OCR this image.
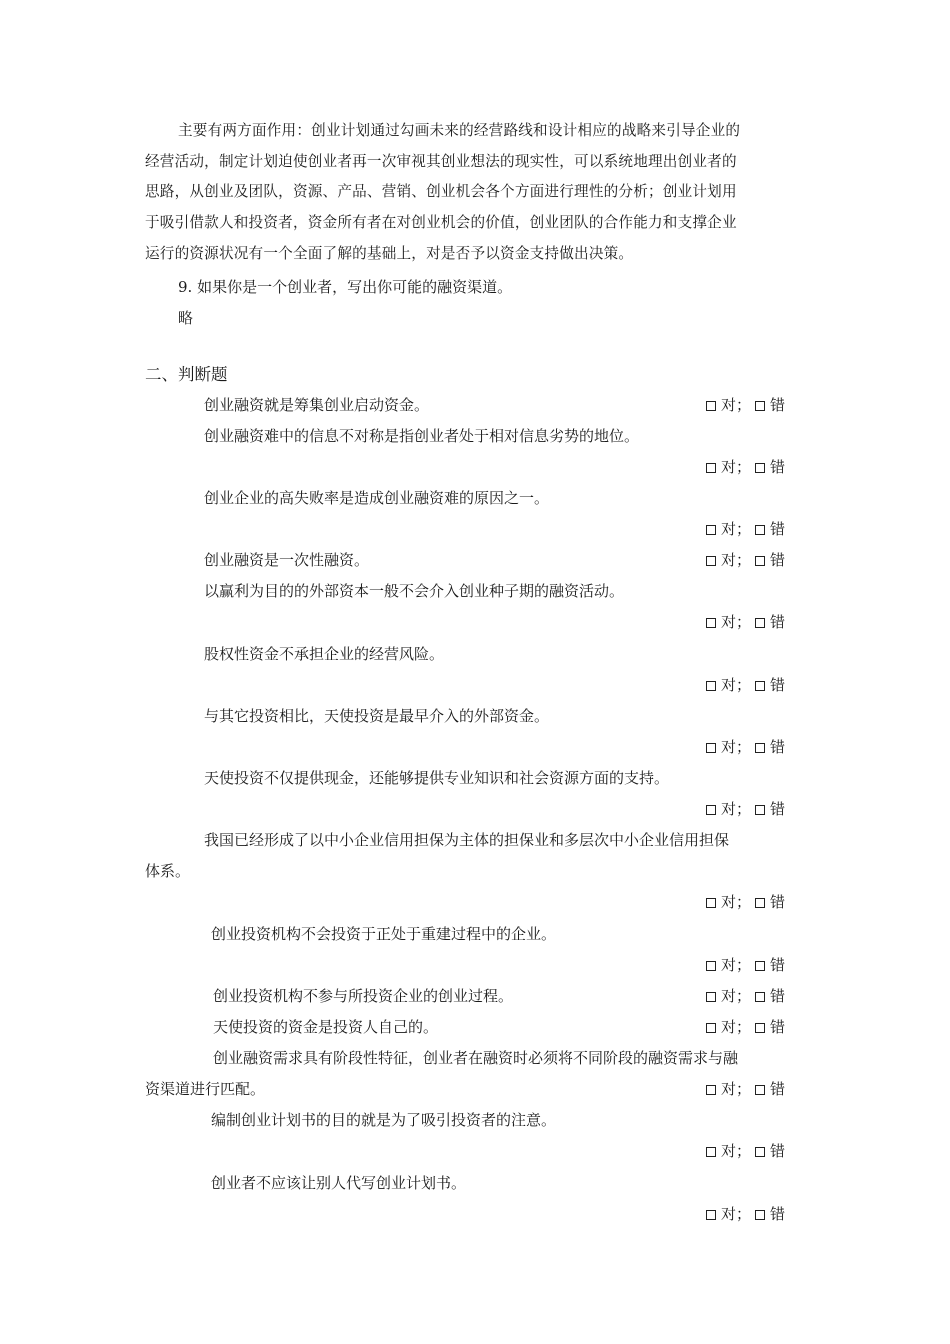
主要有两方面作用：创业计划通过勾画未来的经营路线和设计相应的战略来引导企业的
经营活动，制定计划迫使创业者再一次审视其创业想法的现实性，可以系统地理出创业者的
思路，从创业及团队，资源、产品、营销、创业机会各个方面进行理性的分析；创业计划用
于吸引借款人和投资者，资金所有者在对创业机会的价值，创业团队的合作能力和支撑企业
运行的资源状况有一个全面了解的基础上，对是否予以资金支持做出决策。
9. 如果你是一个创业者，写出你可能的融资渠道。
略
二、判断题
创业融资就是筹集创业启动资金。	对； 错
创业融资难中的信息不对称是指创业者处于相对信息劣势的地位。
对； 错
创业企业的高失败率是造成创业融资难的原因之一。
对； 错
创业融资是一次性融资。	对； 错
以赢利为目的的外部资本一般不会介入创业种子期的融资活动。
对； 错
股权性资金不承担企业的经营风险。
对； 错
与其它投资相比，天使投资是最早介入的外部资金。
对； 错
天使投资不仅提供现金，还能够提供专业知识和社会资源方面的支持。
对； 错
我国已经形成了以中小企业信用担保为主体的担保业和多层次中小企业信用担保
体系。
对； 错
创业投资机构不会投资于正处于重建过程中的企业。
对； 错
创业投资机构不参与所投资企业的创业过程。	对； 错
天使投资的资金是投资人自己的。	对； 错
创业融资需求具有阶段性特征，创业者在融资时必须将不同阶段的融资需求与融
资渠道进行匹配。	对； 错
编制创业计划书的目的就是为了吸引投资者的注意。
对； 错
创业者不应该让别人代写创业计划书。
对； 错
